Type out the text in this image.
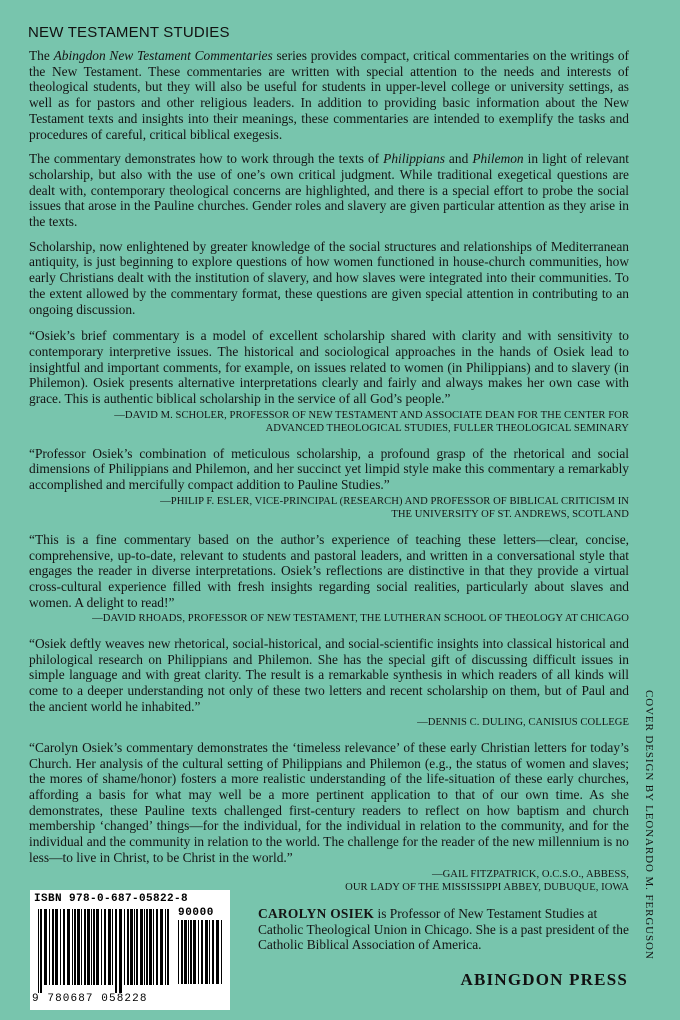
NEW TESTAMENT STUDIES

The Abingdon New Testament Commentaries series provides compact, critical commentaries on the writings of the New Testament. These commentaries are written with special attention to the needs and interests of theological students, but they will also be useful for students in upper-level college or university settings, as well as for pastors and other religious leaders. In addition to providing basic information about the New Testament texts and insights into their meanings, these commentaries are intended to exemplify the tasks and procedures of careful, critical biblical exegesis.

The commentary demonstrates how to work through the texts of Philippians and Philemon in light of relevant scholarship, but also with the use of one’s own critical judgment. While traditional exegetical questions are dealt with, contemporary theological concerns are highlighted, and there is a special effort to probe the social issues that arose in the Pauline churches. Gender roles and slavery are given particular attention as they arise in the texts.

Scholarship, now enlightened by greater knowledge of the social structures and relationships of Mediterranean antiquity, is just beginning to explore questions of how women functioned in house-church communities, how early Christians dealt with the institution of slavery, and how slaves were integrated into their communities. To the extent allowed by the commentary format, these questions are given special attention in contributing to an ongoing discussion.

“Osiek’s brief commentary is a model of excellent scholarship shared with clarity and with sensitivity to contemporary interpretive issues. The historical and sociological approaches in the hands of Osiek lead to insightful and important comments, for example, on issues related to women (in Philippians) and to slavery (in Philemon). Osiek presents alternative interpretations clearly and fairly and always makes her own case with grace. This is authentic biblical scholarship in the service of all God’s people.”

—DAVID M. SCHOLER, PROFESSOR OF NEW TESTAMENT AND ASSOCIATE DEAN FOR THE CENTER FOR
ADVANCED THEOLOGICAL STUDIES, FULLER THEOLOGICAL SEMINARY

“Professor Osiek’s combination of meticulous scholarship, a profound grasp of the rhetorical and social dimensions of Philippians and Philemon, and her succinct yet limpid style make this commentary a remarkably accomplished and mercifully compact addition to Pauline Studies.”

—PHILIP F. ESLER, VICE-PRINCIPAL (RESEARCH) AND PROFESSOR OF BIBLICAL CRITICISM IN
THE UNIVERSITY OF ST. ANDREWS, SCOTLAND

“This is a fine commentary based on the author’s experience of teaching these letters—clear, concise, comprehensive, up-to-date, relevant to students and pastoral leaders, and written in a conversational style that engages the reader in diverse interpretations. Osiek’s reflections are distinctive in that they provide a virtual cross-cultural experience filled with fresh insights regarding social realities, particularly about slaves and women. A delight to read!”

—DAVID RHOADS, PROFESSOR OF NEW TESTAMENT, THE LUTHERAN SCHOOL OF THEOLOGY AT CHICAGO

“Osiek deftly weaves new rhetorical, social-historical, and social-scientific insights into classical historical and philological research on Philippians and Philemon. She has the special gift of discussing difficult issues in simple language and with great clarity. The result is a remarkable synthesis in which readers of all kinds will come to a deeper understanding not only of these two letters and recent scholarship on them, but of Paul and the ancient world he inhabited.”

—DENNIS C. DULING, CANISIUS COLLEGE

“Carolyn Osiek’s commentary demonstrates the ‘timeless relevance’ of these early Christian letters for today’s Church. Her analysis of the cultural setting of Philippians and Philemon (e.g., the status of women and slaves; the mores of shame/honor) fosters a more realistic understanding of the life-situation of these early churches, affording a basis for what may well be a more pertinent application to that of our own time. As she demonstrates, these Pauline texts challenged first-century readers to reflect on how baptism and church membership ‘changed’ things—for the individual, for the individual in relation to the community, and for the individual and the community in relation to the world. The challenge for the reader of the new millennium is no less—to live in Christ, to be Christ in the world.”

—GAIL FITZPATRICK, O.C.S.O., ABBESS,
OUR LADY OF THE MISSISSIPPI ABBEY, DUBUQUE, IOWA COVER DESIGN BY LEONARDO M. FERGUSON
ISBN 978-0-687-05822-8
90000
9 780687 058228
CAROLYN OSIEK is Professor of New Testament Studies at Catholic Theological Union in Chicago. She is a past president of the Catholic Biblical Association of America.
ABINGDON PRESS
